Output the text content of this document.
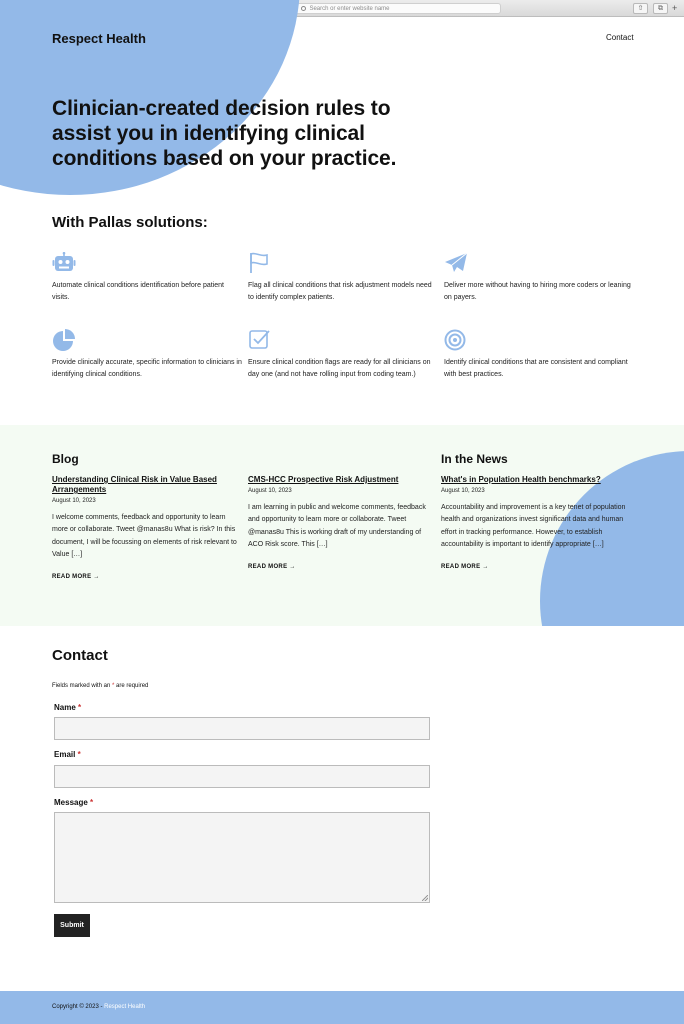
Search or enter website name	⇧	⧉	+
Respect Health	Contact
Clinician-created decision rules to assist you in identifying clinical conditions based on your practice.
With Pallas solutions:

Automate clinical conditions identification before patient visits.

Flag all clinical conditions that risk adjustment models need to identify complex patients.

Deliver more without having to hiring more coders or leaning on payers.

Provide clinically accurate, specific information to clinicians in identifying clinical conditions.

Ensure clinical condition flags are ready for all clinicians on day one (and not have rolling input from coding team.)

Identify clinical conditions that are consistent and compliant with best practices.

Blog	In the News
Understanding Clinical Risk in Value Based Arrangements
August 10, 2023

I welcome comments, feedback and opportunity to learn more or collaborate. Tweet @manas8u What is risk? In this document, I will be focussing on elements of risk relevant to Value […]

READ MORE →
CMS-HCC Prospective Risk Adjustment
August 10, 2023

I am learning in public and welcome comments, feedback and opportunity to learn more or collaborate. Tweet @manas8u This is working draft of my understanding of ACO Risk score. This […]

READ MORE →
What's in Population Health benchmarks?
August 10, 2023

Accountability and improvement is a key tenet of population health and organizations invest significant data and human effort in tracking performance. However, to establish accountability is important to identify appropriate […]

READ MORE →
Contact
Fields marked with an * are required
Name *
Email *
Message *
Submit
Copyright © 2023 - Respect Health
